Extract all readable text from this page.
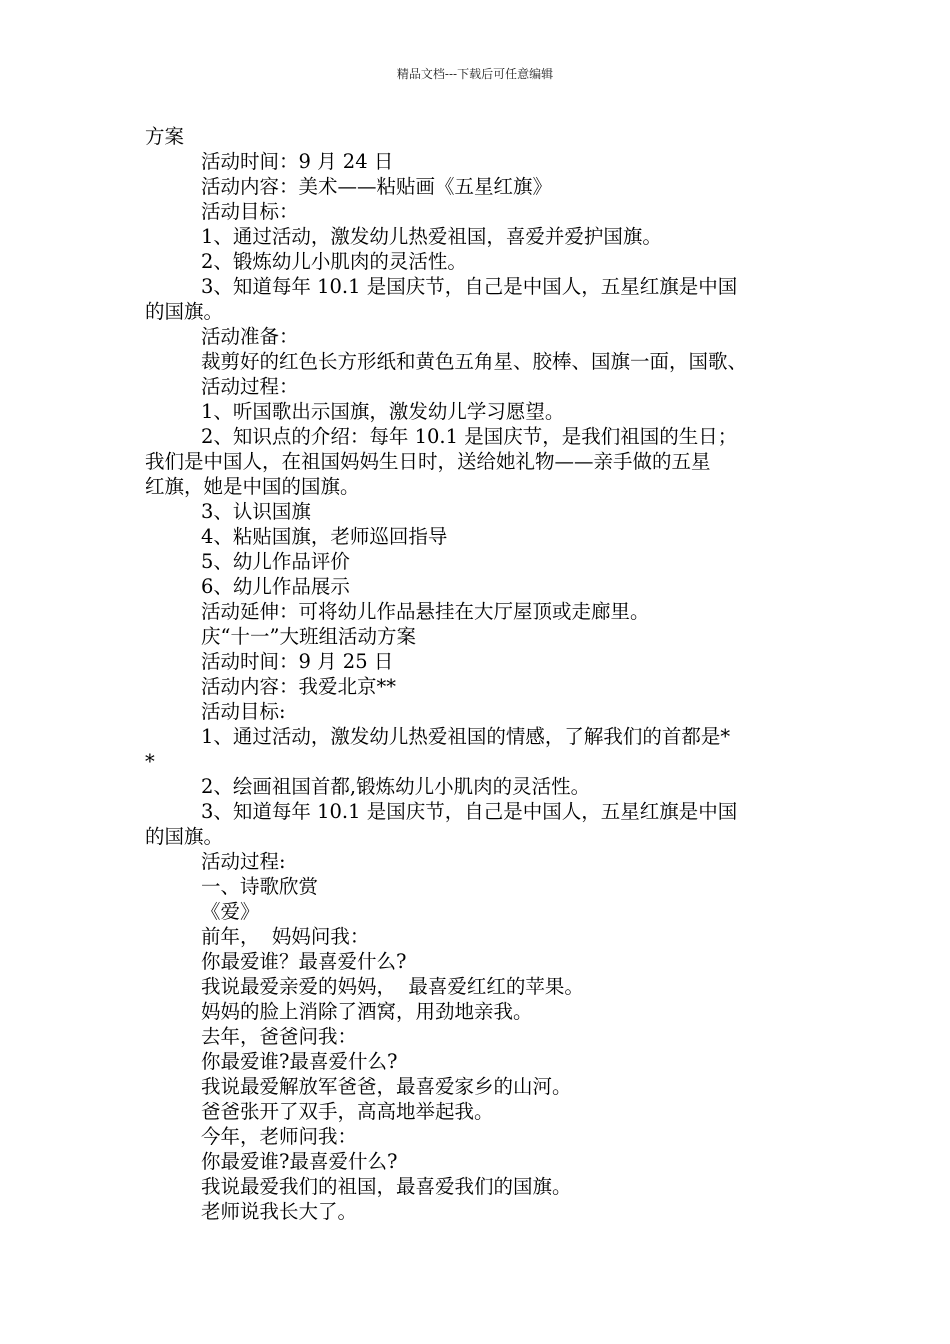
精品文档---下载后可任意编辑
方案
活动时间：9 月 24 日
活动内容：美术——粘贴画《五星红旗》
活动目标：
1、通过活动，激发幼儿热爱祖国，喜爱并爱护国旗。
2、锻炼幼儿小肌肉的灵活性。
3、知道每年 10.1 是国庆节，自己是中国人，五星红旗是中国
的国旗。
活动准备：
裁剪好的红色长方形纸和黄色五角星、胶棒、国旗一面，国歌、
活动过程：
1、听国歌出示国旗，激发幼儿学习愿望。
2、知识点的介绍：每年 10.1 是国庆节，是我们祖国的生日；
我们是中国人，在祖国妈妈生日时，送给她礼物——亲手做的五星
红旗，她是中国的国旗。
3、认识国旗
4、粘贴国旗，老师巡回指导
5、幼儿作品评价
6、幼儿作品展示
活动延伸：可将幼儿作品悬挂在大厅屋顶或走廊里。
庆“十一”大班组活动方案
活动时间：9 月 25 日
活动内容：我爱北京**
活动目标:
1、通过活动，激发幼儿热爱祖国的情感，了解我们的首都是*
*
2、绘画祖国首都,锻炼幼儿小肌肉的灵活性。
3、知道每年 10.1 是国庆节，自己是中国人，五星红旗是中国
的国旗。
活动过程:
一、诗歌欣赏
《爱》
前年，  妈妈问我：
你最爱谁？最喜爱什么?
我说最爱亲爱的妈妈，  最喜爱红红的苹果。
妈妈的脸上消除了酒窝，用劲地亲我。
去年，爸爸问我：
你最爱谁?最喜爱什么?
我说最爱解放军爸爸，最喜爱家乡的山河。
爸爸张开了双手，高高地举起我。
今年，老师问我：
你最爱谁?最喜爱什么?
我说最爱我们的祖国，最喜爱我们的国旗。
老师说我长大了。
